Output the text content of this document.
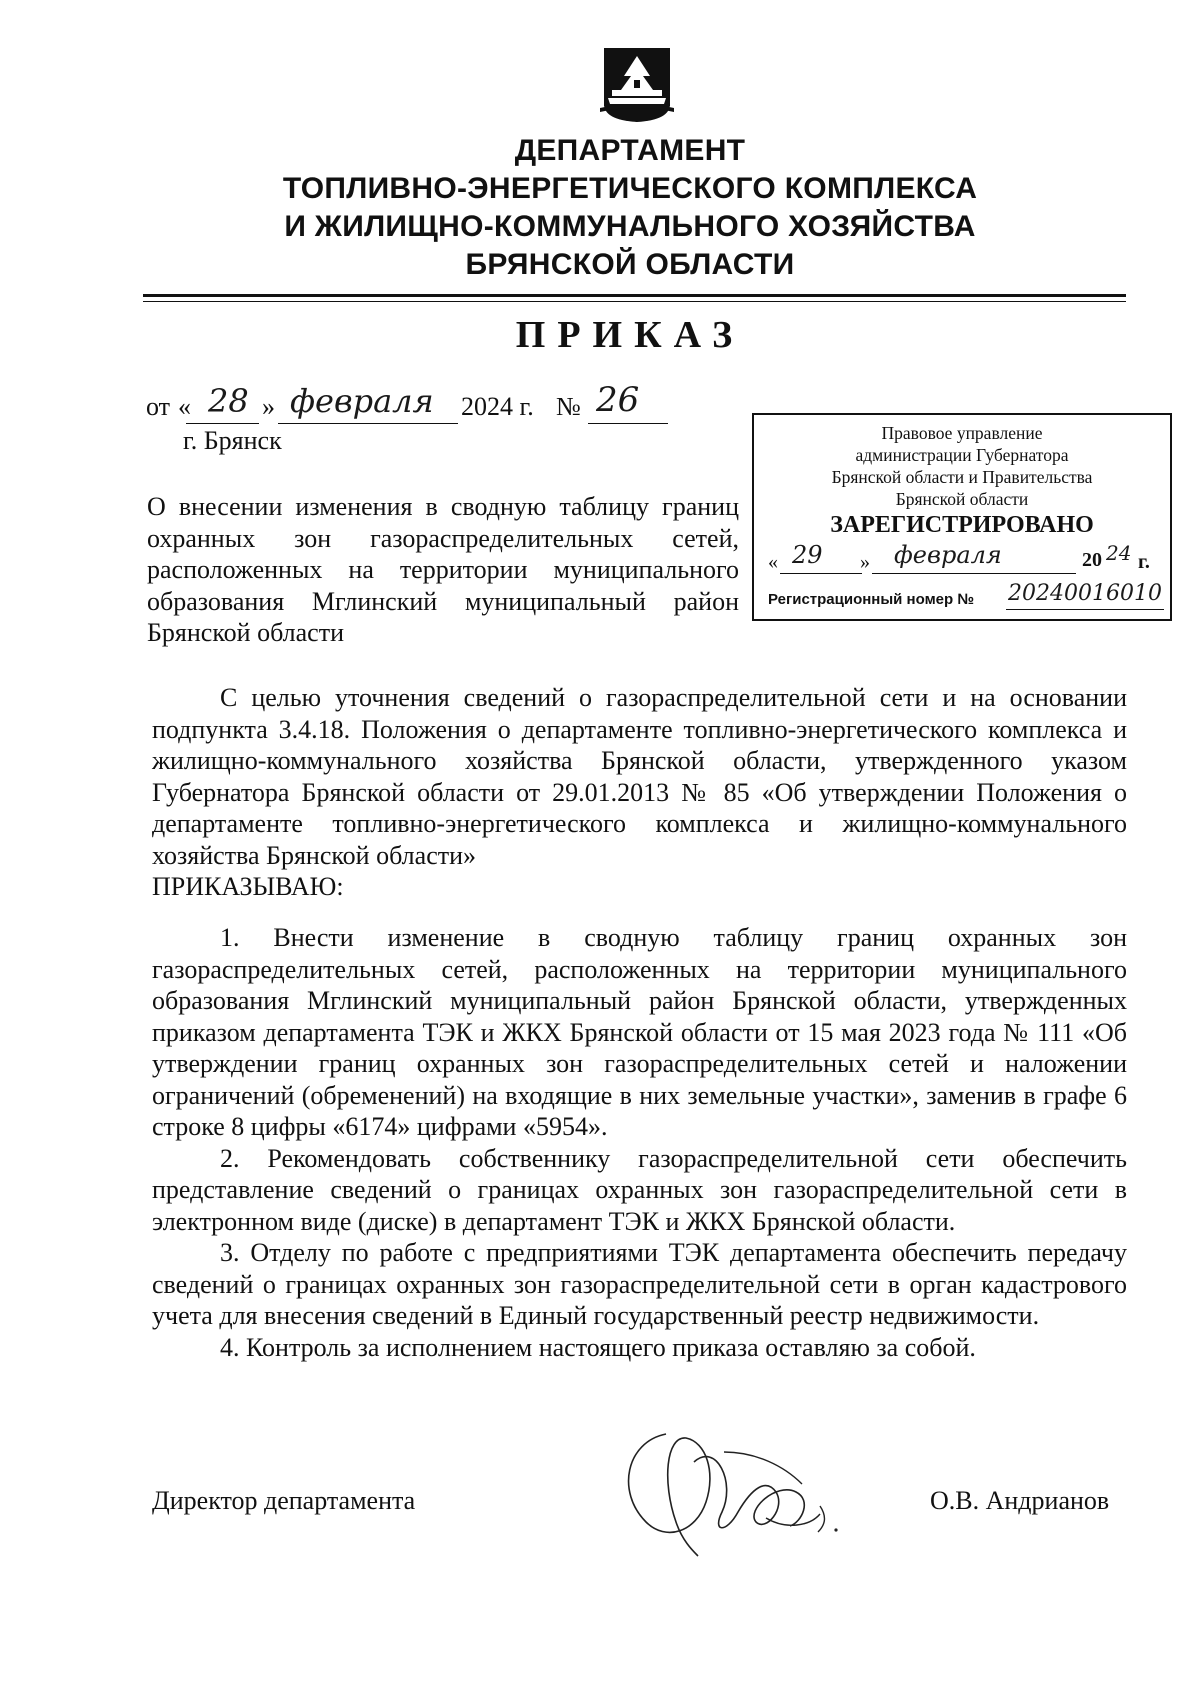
ДЕПАРТАМЕНТ
ТОПЛИВНО-ЭНЕРГЕТИЧЕСКОГО КОМПЛЕКСА
И ЖИЛИЩНО-КОММУНАЛЬНОГО ХОЗЯЙСТВА
БРЯНСКОЙ ОБЛАСТИ
ПРИКАЗ
от « 28 » февраля 2024 г. № 26
г. Брянск	Правовое управление
администрации Губернатора
Брянской области и Правительства
Брянской области
ЗАРЕГИСТРИРОВАНО
« 29 » февраля	20 24 г.
Регистрационный номер № 20240016010
О внесении изменения в сводную таблицу границ
охранных зон газораспределительных сетей,
расположенных на территории муниципального
образования Мглинский муниципальный район
Брянской области

С целью уточнения сведений о газораспределительной сети и на основании подпункта 3.4.18. Положения о департаменте топливно-энергетического комплекса и жилищно-коммунального хозяйства Брянской области, утвержденного указом Губернатора Брянской области от 29.01.2013 № 85 «Об утверждении Положения о департаменте топливно-энергетического комплекса и жилищно-коммунального хозяйства Брянской области»

ПРИКАЗЫВАЮ:

1. Внести изменение в сводную таблицу границ охранных зон газораспределительных сетей, расположенных на территории муниципального образования Мглинский муниципальный район Брянской области, утвержденных приказом департамента ТЭК и ЖКХ Брянской области от 15 мая 2023 года № 111 «Об утверждении границ охранных зон газораспределительных сетей и наложении ограничений (обременений) на входящие в них земельные участки», заменив в графе 6 строке 8 цифры «6174» цифрами «5954».

2. Рекомендовать собственнику газораспределительной сети обеспечить представление сведений о границах охранных зон газораспределительной сети в электронном виде (диске) в департамент ТЭК и ЖКХ Брянской области.

3. Отделу по работе с предприятиями ТЭК департамента обеспечить передачу сведений о границах охранных зон газораспределительной сети в орган кадастрового учета для внесения сведений в Единый государственный реестр недвижимости.

4. Контроль за исполнением настоящего приказа оставляю за собой.

Директор департамента	О.В. Андрианов
